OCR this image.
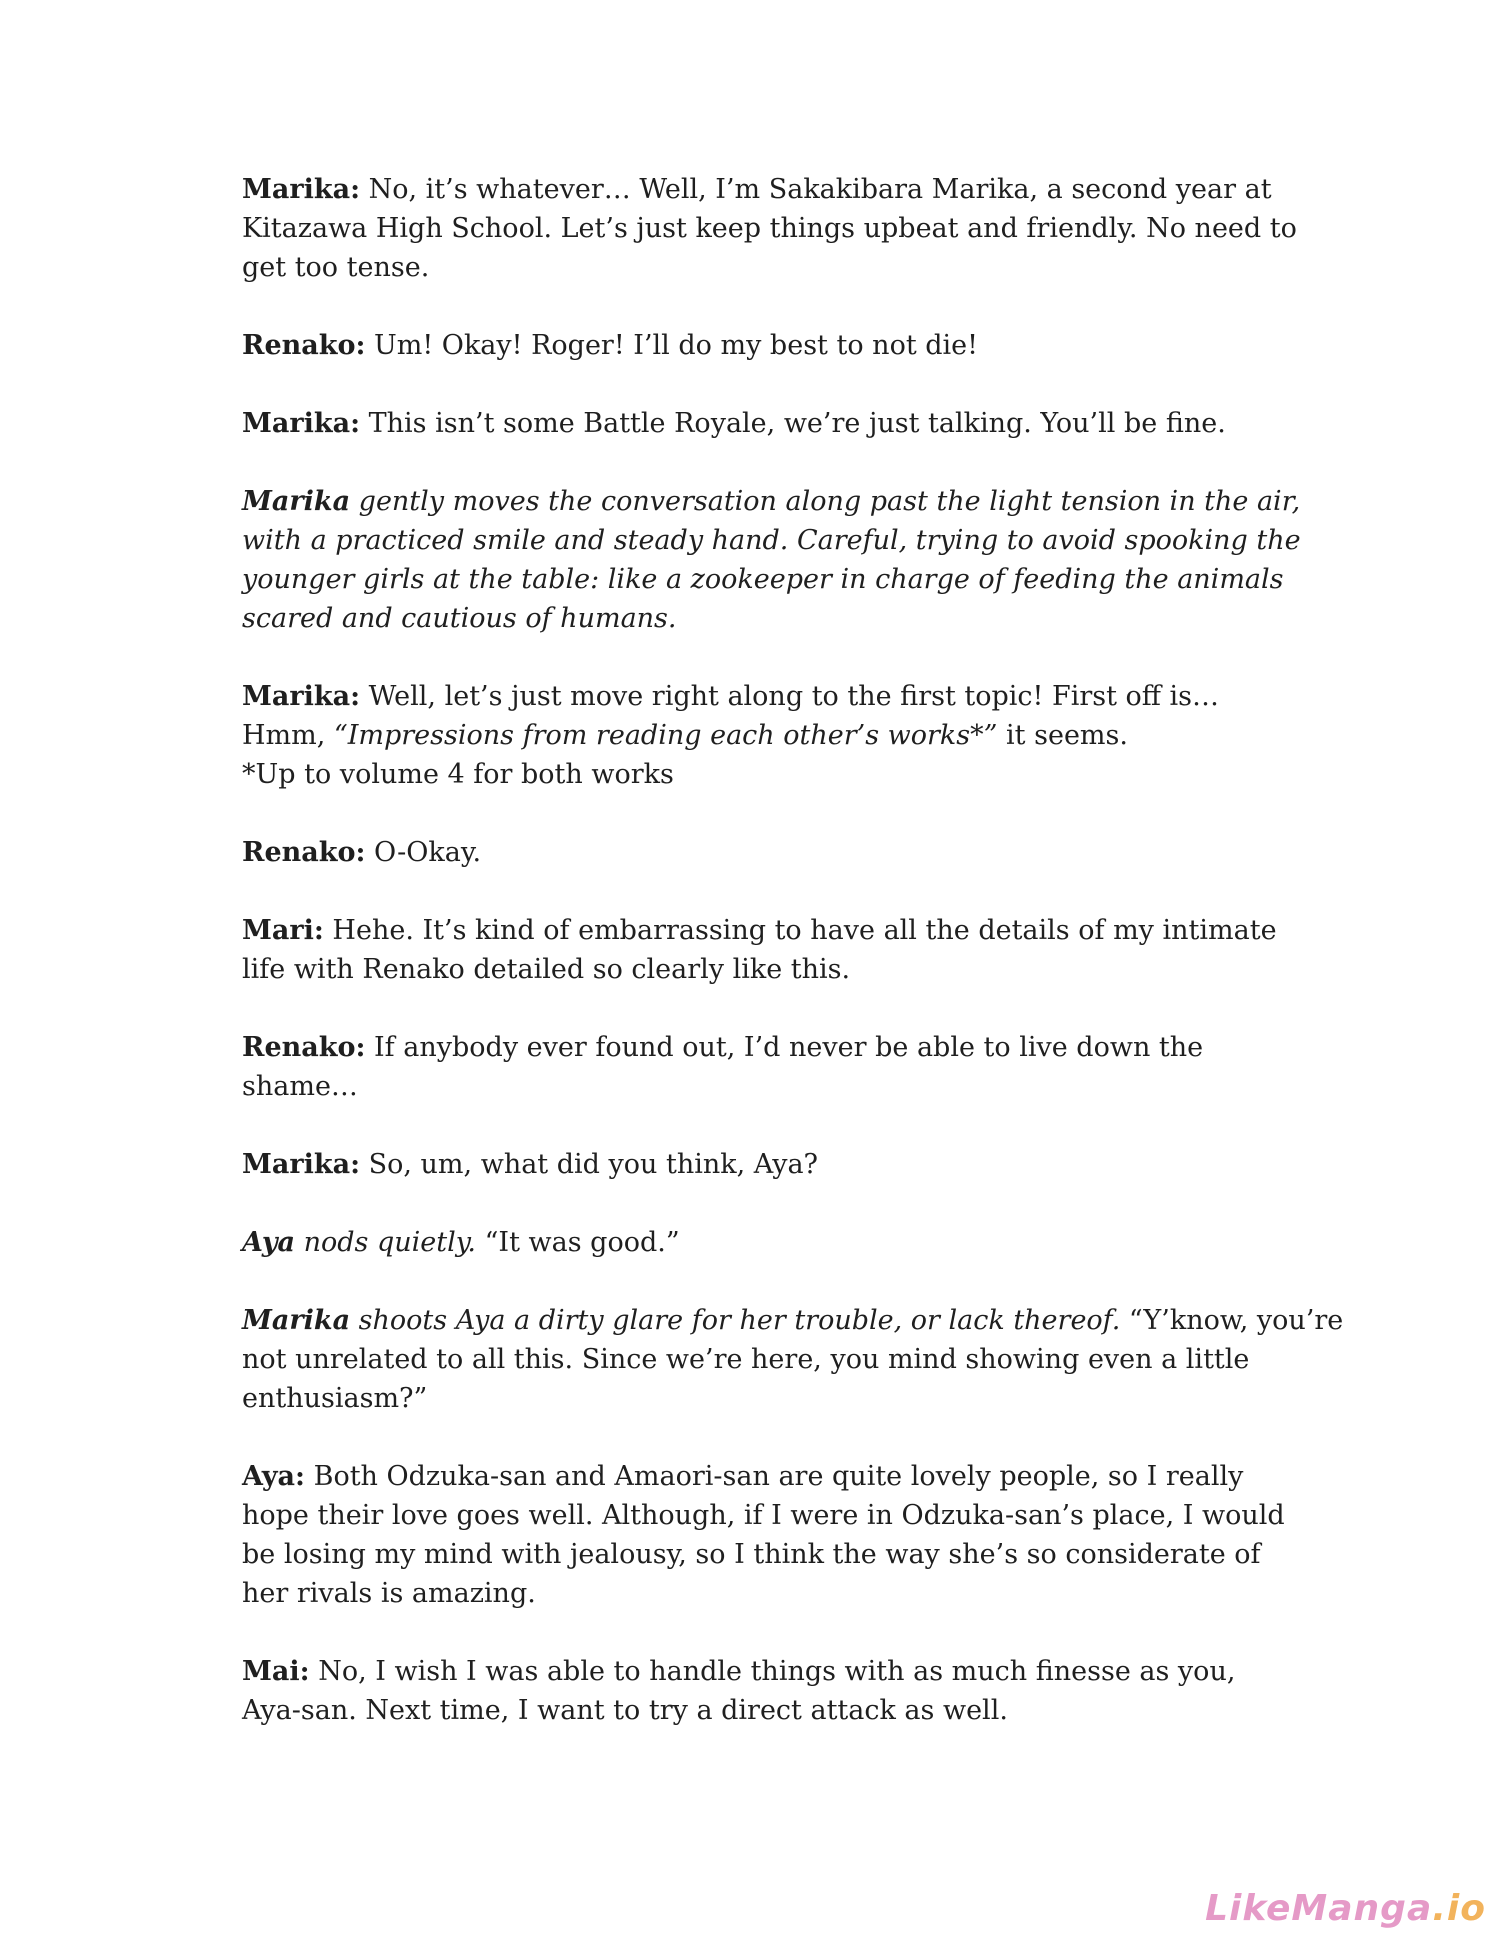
Marika: No, it’s whatever… Well, I’m Sakakibara Marika, a second year at
Kitazawa High School. Let’s just keep things upbeat and friendly. No need to
get too tense.
Renako: Um! Okay! Roger! I’ll do my best to not die!
Marika: This isn’t some Battle Royale, we’re just talking. You’ll be fine.
Marika gently moves the conversation along past the light tension in the air,
with a practiced smile and steady hand. Careful, trying to avoid spooking the
younger girls at the table: like a zookeeper in charge of feeding the animals
scared and cautious of humans.
Marika: Well, let’s just move right along to the first topic! First off is…
Hmm, “Impressions from reading each other’s works*” it seems.
*Up to volume 4 for both works
Renako: O-Okay.
Mari: Hehe. It’s kind of embarrassing to have all the details of my intimate
life with Renako detailed so clearly like this.
Renako: If anybody ever found out, I’d never be able to live down the
shame…
Marika: So, um, what did you think, Aya?
Aya nods quietly. “It was good.”
Marika shoots Aya a dirty glare for her trouble, or lack thereof. “Y’know, you’re
not unrelated to all this. Since we’re here, you mind showing even a little
enthusiasm?”
Aya: Both Odzuka-san and Amaori-san are quite lovely people, so I really
hope their love goes well. Although, if I were in Odzuka-san’s place, I would
be losing my mind with jealousy, so I think the way she’s so considerate of
her rivals is amazing.
Mai: No, I wish I was able to handle things with as much finesse as you,
Aya-san. Next time, I want to try a direct attack as well.
LikeManga .io
